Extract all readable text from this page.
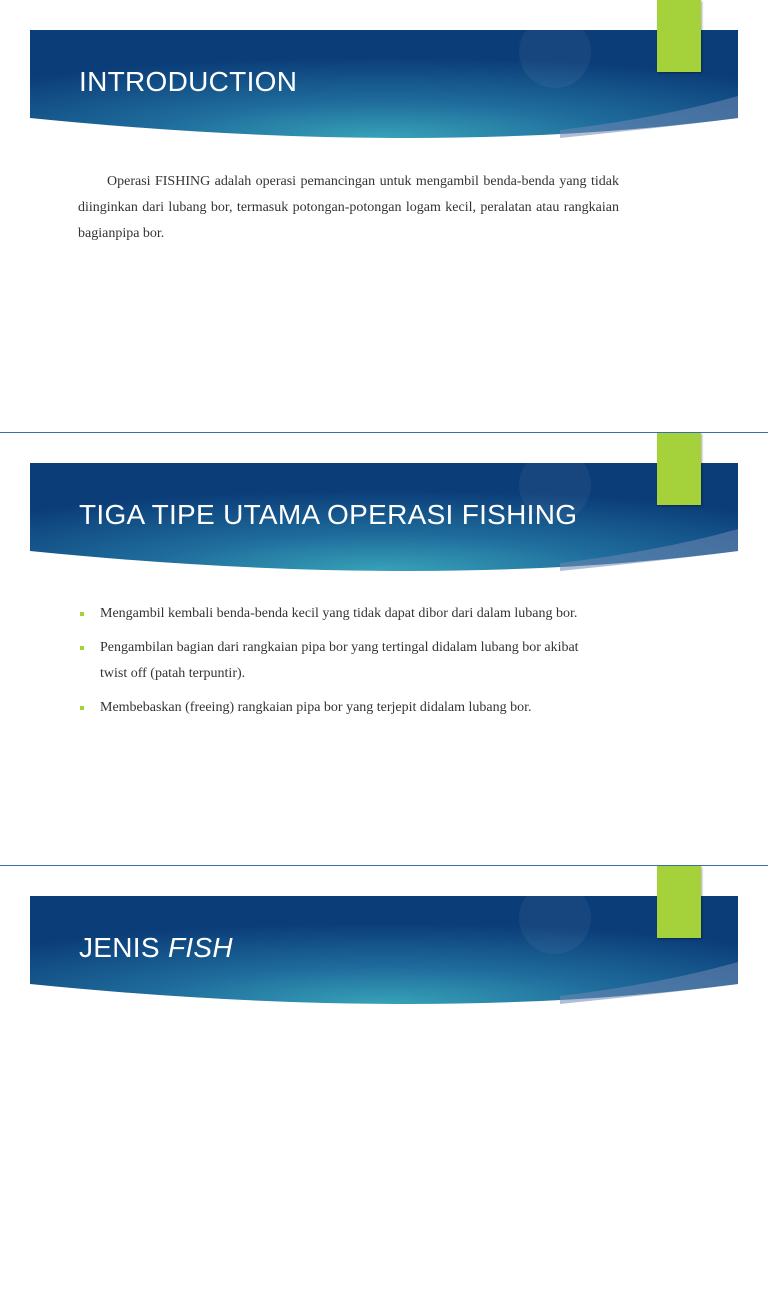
INTRODUCTION

Operasi FISHING adalah operasi pemancingan untuk mengambil benda-benda yang tidak diinginkan dari lubang bor, termasuk potongan-potongan logam kecil, peralatan atau rangkaian bagianpipa bor.

TIGA TIPE UTAMA OPERASI FISHING
Mengambil kembali benda-benda kecil yang tidak dapat dibor dari dalam lubang bor.
Pengambilan bagian dari rangkaian pipa bor yang tertingal didalam lubang bor akibat twist off (patah terpuntir).
Membebaskan (freeing) rangkaian pipa bor yang terjepit didalam lubang bor.
JENIS FISH
